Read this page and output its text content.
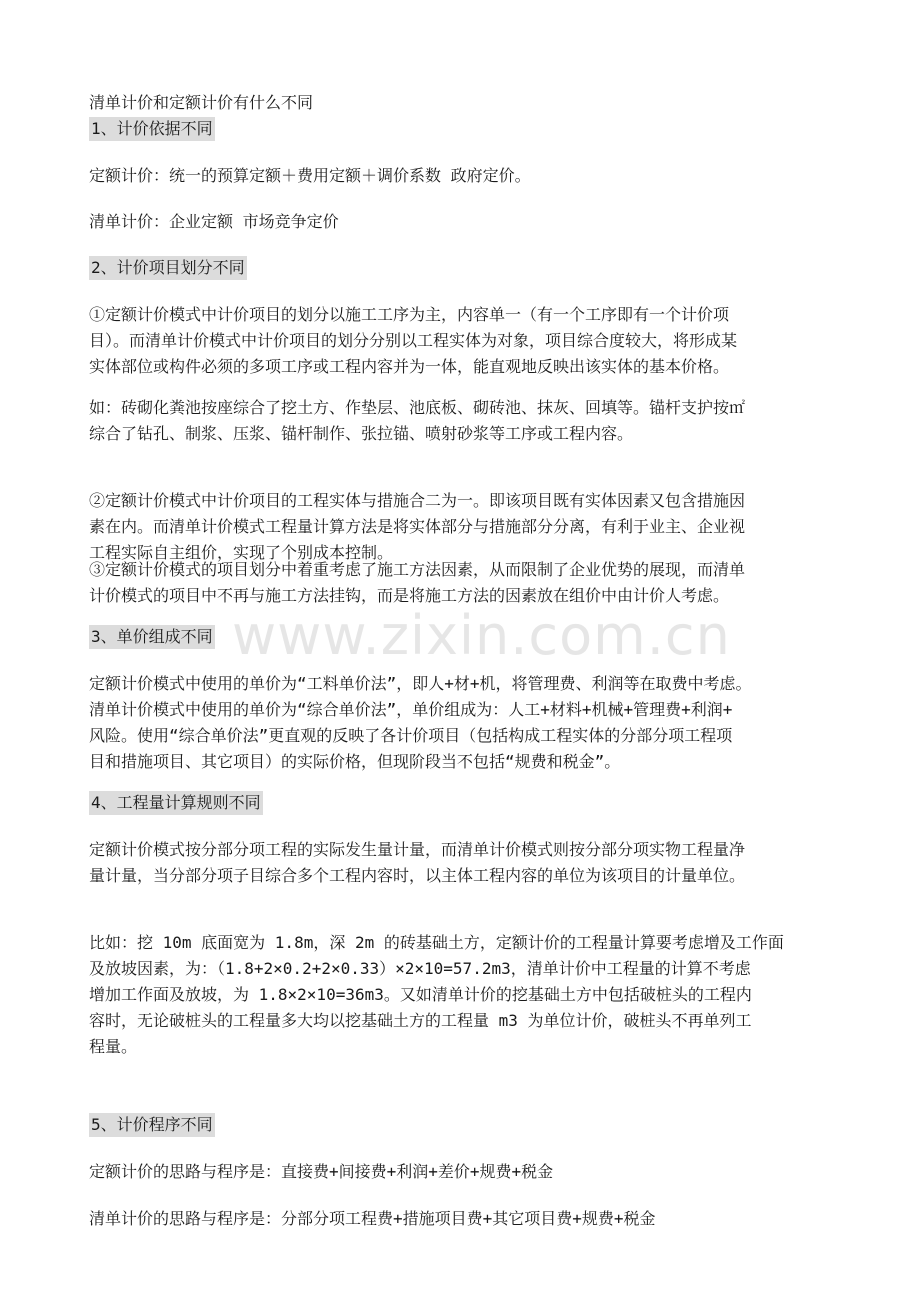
清单计价和定额计价有什么不同
1、计价依据不同
定额计价：统一的预算定额＋费用定额＋调价系数 政府定价。
清单计价：企业定额 市场竞争定价
2、计价项目划分不同
①定额计价模式中计价项目的划分以施工工序为主，内容单一（有一个工序即有一个计价项
目）。而清单计价模式中计价项目的划分分别以工程实体为对象，项目综合度较大，将形成某
实体部位或构件必须的多项工序或工程内容并为一体，能直观地反映出该实体的基本价格。
如：砖砌化粪池按座综合了挖土方、作垫层、池底板、砌砖池、抹灰、回填等。锚杆支护按㎡
综合了钻孔、制浆、压浆、锚杆制作、张拉锚、喷射砂浆等工序或工程内容。
②定额计价模式中计价项目的工程实体与措施合二为一。即该项目既有实体因素又包含措施因
素在内。而清单计价模式工程量计算方法是将实体部分与措施部分分离，有利于业主、企业视
工程实际自主组价，实现了个别成本控制。
③定额计价模式的项目划分中着重考虑了施工方法因素，从而限制了企业优势的展现，而清单
计价模式的项目中不再与施工方法挂钩，而是将施工方法的因素放在组价中由计价人考虑。
3、单价组成不同
定额计价模式中使用的单价为“工料单价法”，即人+材+机，将管理费、利润等在取费中考虑。
清单计价模式中使用的单价为“综合单价法”，单价组成为：人工+材料+机械+管理费+利润+
风险。使用“综合单价法”更直观的反映了各计价项目（包括构成工程实体的分部分项工程项
目和措施项目、其它项目）的实际价格，但现阶段当不包括“规费和税金”。
4、工程量计算规则不同
定额计价模式按分部分项工程的实际发生量计量，而清单计价模式则按分部分项实物工程量净
量计量，当分部分项子目综合多个工程内容时，以主体工程内容的单位为该项目的计量单位。
比如：挖 10m 底面宽为 1.8m，深 2m 的砖基础土方，定额计价的工程量计算要考虑增及工作面
及放坡因素，为：（1.8+2×0.2+2×0.33）×2×10=57.2m3，清单计价中工程量的计算不考虑
增加工作面及放坡，为 1.8×2×10=36m3。又如清单计价的挖基础土方中包括破桩头的工程内
容时，无论破桩头的工程量多大均以挖基础土方的工程量 m3 为单位计价，破桩头不再单列工
程量。
5、计价程序不同
定额计价的思路与程序是：直接费+间接费+利润+差价+规费+税金
清单计价的思路与程序是：分部分项工程费+措施项目费+其它项目费+规费+税金
www.zixin.com.cn
